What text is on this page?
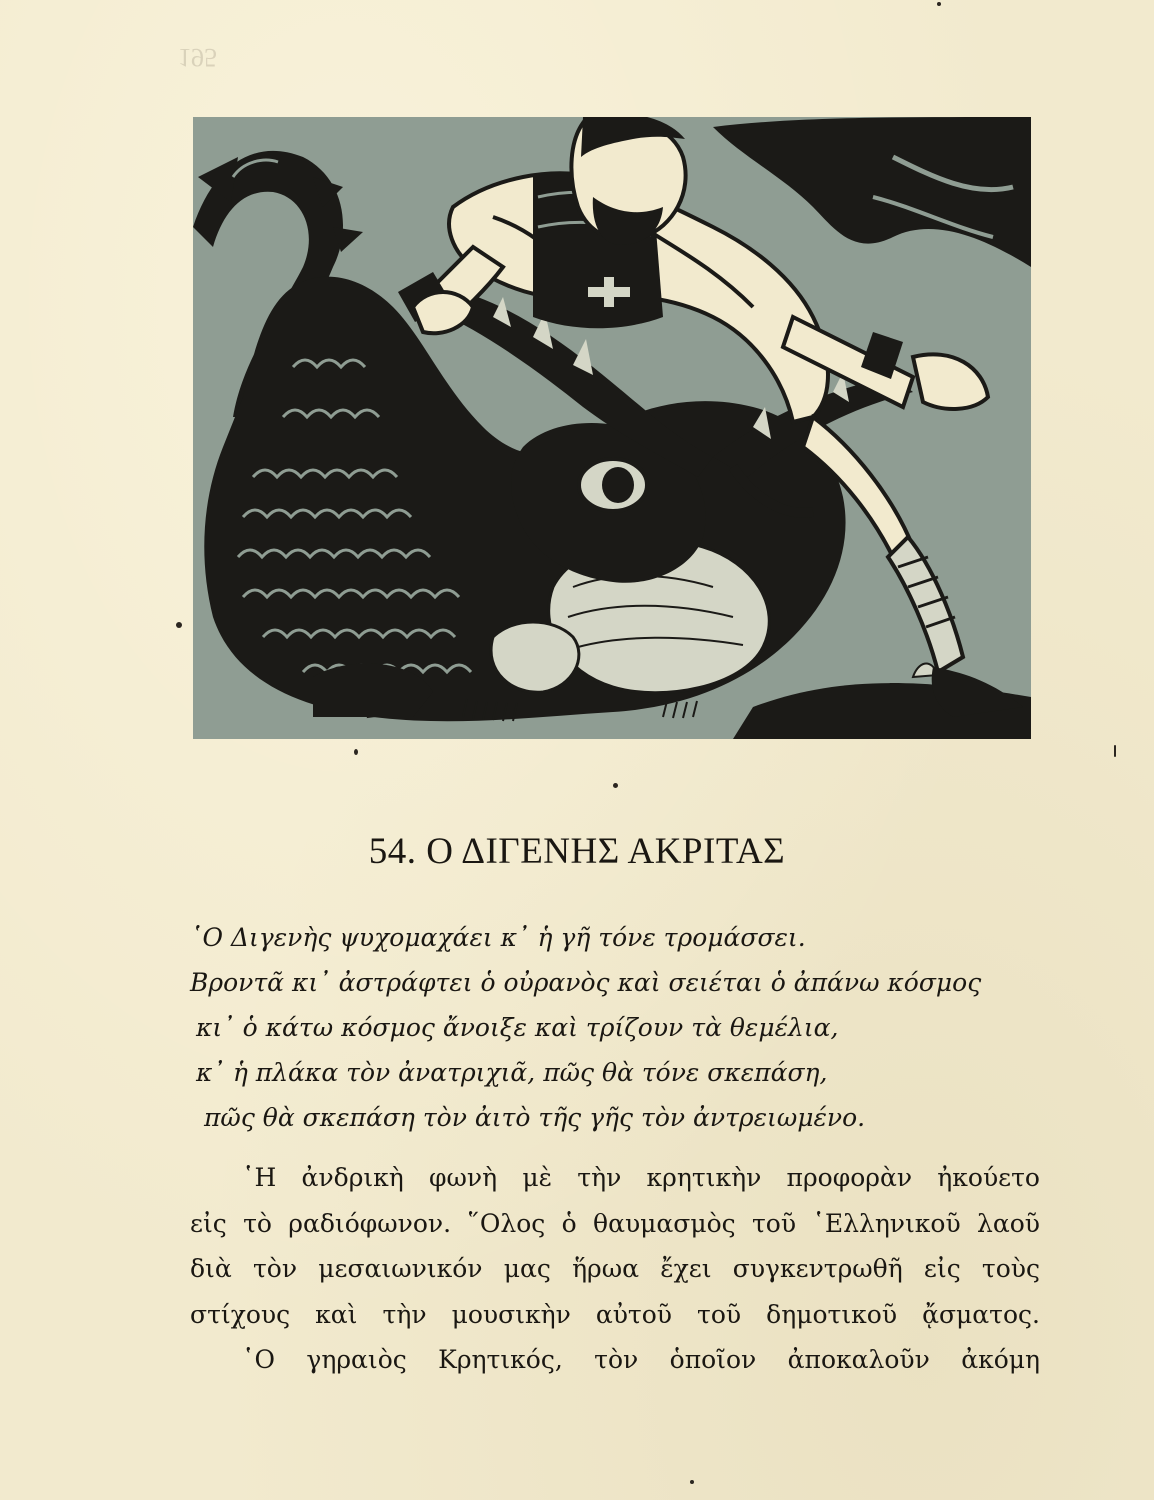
195
54. Ο ΔΙΓΕΝΗΣ ΑΚΡΙΤΑΣ
῾Ο Διγενὴς ψυχομαχάει κ᾽ ἡ γῆ τόνε τρομάσσει.
Βροντᾶ κι᾽ ἀστράφτει ὁ οὐρανὸς καὶ σειέται ὁ ἀπάνω κόσμος
κι᾽ ὁ κάτω κόσμος ἄνοιξε καὶ τρίζουν τὰ θεμέλια,
κ᾽ ἡ πλάκα τὸν ἀνατριχιᾶ, πῶς θὰ τόνε σκεπάση,
πῶς θὰ σκεπάση τὸν ἀιτὸ τῆς γῆς τὸν ἀντρειωμένο.

῾Η ἀνδρικὴ φωνὴ μὲ τὴν κρητικὴν προφορὰν ἠκούετο

εἰς τὸ ραδιόφωνον. ῞Ολος ὁ θαυμασμὸς τοῦ ῾Ελληνικοῦ λαοῦ

διὰ τὸν μεσαιωνικόν μας ἥρωα ἔχει συγκεντρωθῆ εἰς τοὺς

στίχους καὶ τὴν μουσικὴν αὐτοῦ τοῦ δημοτικοῦ ᾄσματος.

῾Ο γηραιὸς Κρητικός, τὸν ὁποῖον ἀποκαλοῦν ἀκόμη
